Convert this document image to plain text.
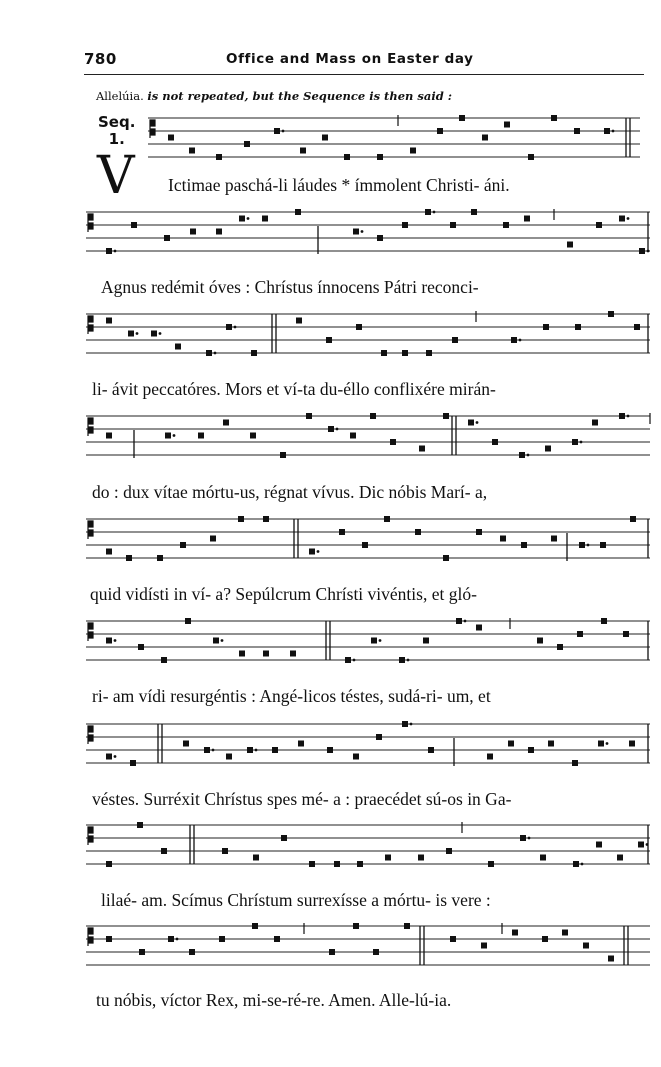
780	Office and Mass on Easter day
Allelúia. is not repeated, but the Sequence is then said :
Seq.
1.
V Ictimae paschá-li láudes * ímmolent Christi- áni.
Agnus redémit óves : Chrístus ínnocens Pátri reconci-
li- ávit peccatóres. Mors et ví-ta du-éllo conflixére mirán-
do : dux vítae mórtu-us, régnat vívus. Dic nóbis Marí- a,
quid vidísti in ví- a? Sepúlcrum Chrísti vivéntis, et gló-
ri- am vídi resurgéntis : Angé-licos téstes, sudá-ri- um, et
véstes. Surréxit Chrístus spes mé- a : praecédet sú-os in Ga-
lilaé- am. Scímus Chrístum surrexísse a mórtu- is vere :
tu nóbis, víctor Rex, mi-se-ré-re. Amen. Alle-lú-ia.
